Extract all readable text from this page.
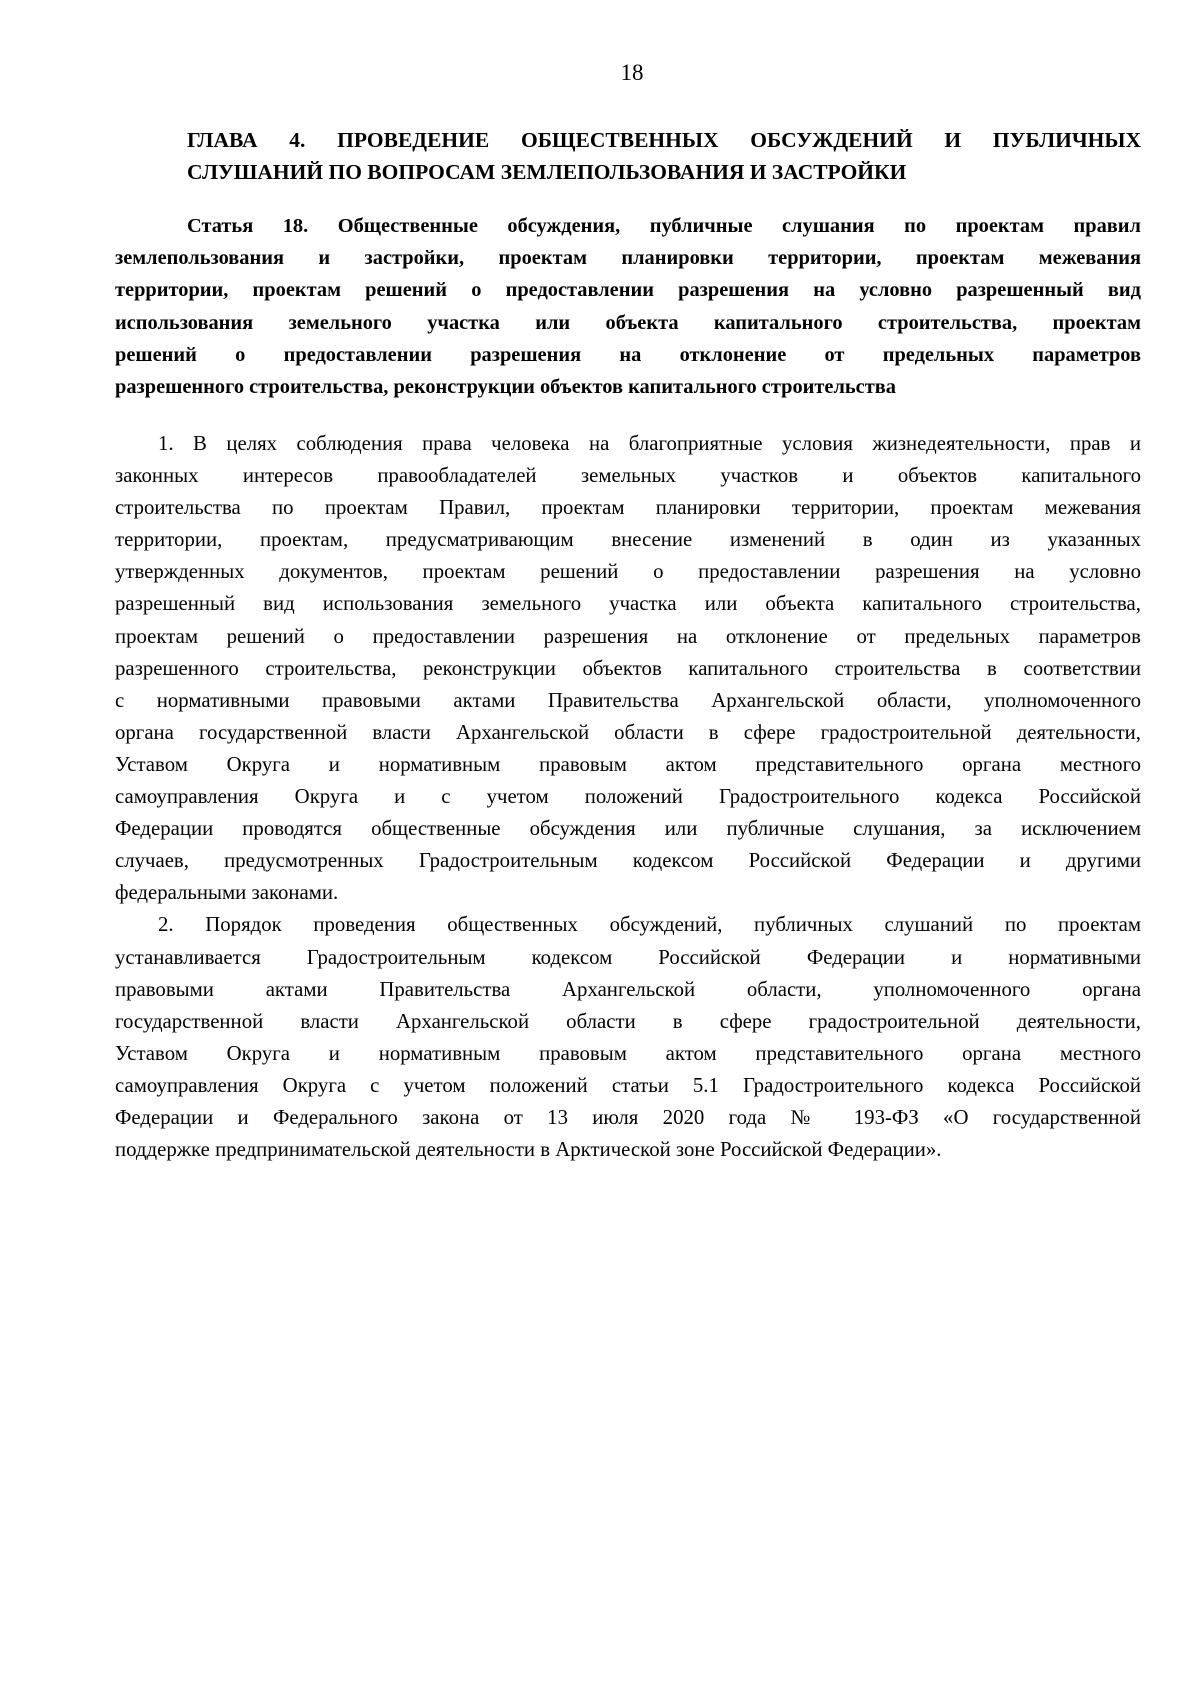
18
ГЛАВА 4. ПРОВЕДЕНИЕ ОБЩЕСТВЕННЫХ ОБСУЖДЕНИЙ И ПУБЛИЧНЫХ
СЛУШАНИЙ ПО ВОПРОСАМ ЗЕМЛЕПОЛЬЗОВАНИЯ И ЗАСТРОЙКИ
Статья 18. Общественные обсуждения, публичные слушания по проектам правил
землепользования и застройки, проектам планировки территории, проектам межевания
территории, проектам решений о предоставлении разрешения на условно разрешенный вид
использования земельного участка или объекта капитального строительства, проектам
решений о предоставлении разрешения на отклонение от предельных параметров
разрешенного строительства, реконструкции объектов капитального строительства
1. В целях соблюдения права человека на благоприятные условия жизнедеятельности, прав и
законных интересов правообладателей земельных участков и объектов капитального
строительства по проектам Правил, проектам планировки территории, проектам межевания
территории, проектам, предусматривающим внесение изменений в один из указанных
утвержденных документов, проектам решений о предоставлении разрешения на условно
разрешенный вид использования земельного участка или объекта капитального строительства,
проектам решений о предоставлении разрешения на отклонение от предельных параметров
разрешенного строительства, реконструкции объектов капитального строительства в соответствии
с нормативными правовыми актами Правительства Архангельской области, уполномоченного
органа государственной власти Архангельской области в сфере градостроительной деятельности,
Уставом Округа и нормативным правовым актом представительного органа местного
самоуправления Округа и с учетом положений Градостроительного кодекса Российской
Федерации проводятся общественные обсуждения или публичные слушания, за исключением
случаев, предусмотренных Градостроительным кодексом Российской Федерации и другими
федеральными законами.
2. Порядок проведения общественных обсуждений, публичных слушаний по проектам
устанавливается Градостроительным кодексом Российской Федерации и нормативными
правовыми актами Правительства Архангельской области, уполномоченного органа
государственной власти Архангельской области в сфере градостроительной деятельности,
Уставом Округа и нормативным правовым актом представительного органа местного
самоуправления Округа с учетом положений статьи 5.1 Градостроительного кодекса Российской
Федерации и Федерального закона от 13 июля 2020 года № 193-ФЗ «О государственной
поддержке предпринимательской деятельности в Арктической зоне Российской Федерации».
